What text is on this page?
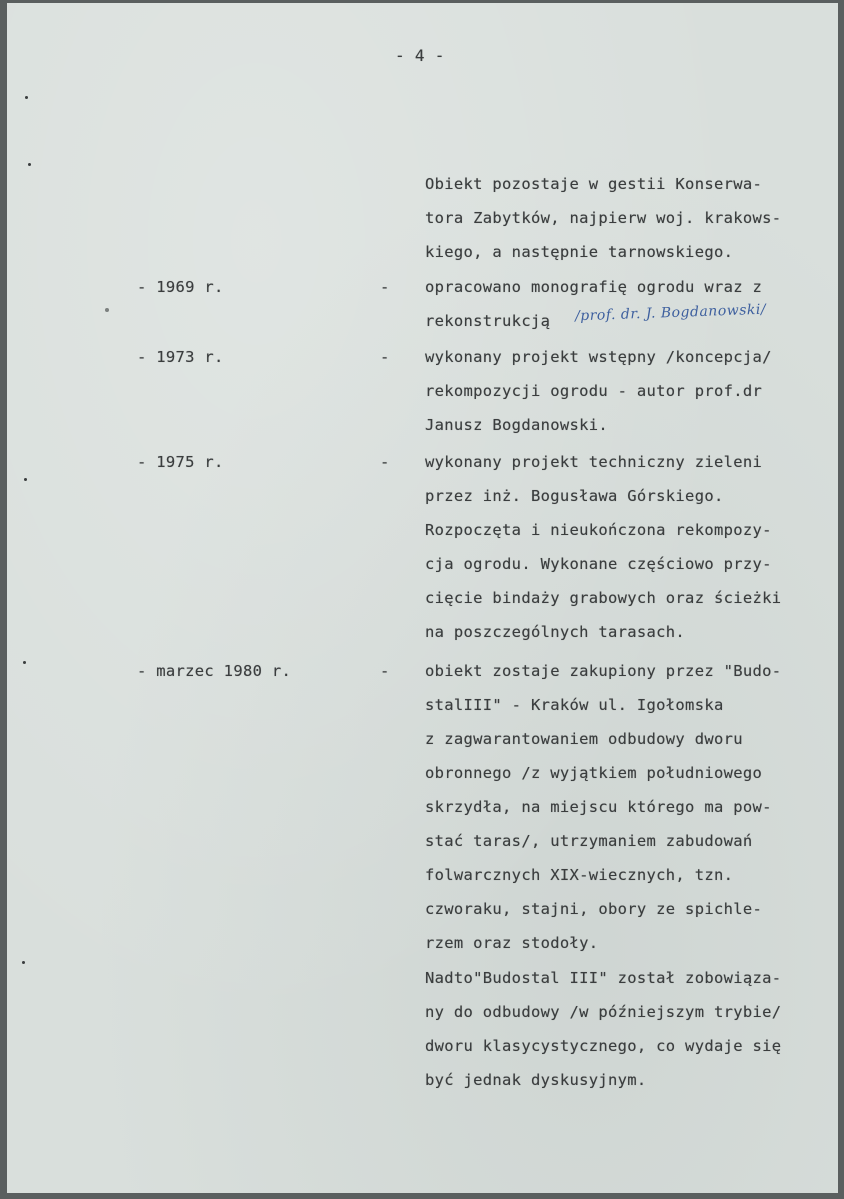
- 4 -
Obiekt pozostaje w gestii Konserwa-
tora Zabytków, najpierw woj. krakows-
kiego, a następnie tarnowskiego.
- 1969 r.	- opracowano monografię ogrodu wraz z
rekonstrukcją /prof. dr. J. Bogdanowski/
- 1973 r.	- wykonany projekt wstępny /koncepcja/
rekompozycji ogrodu - autor prof.dr
Janusz Bogdanowski.
- 1975 r.	- wykonany projekt techniczny zieleni
przez inż. Bogusława Górskiego.
Rozpoczęta i nieukończona rekompozy-
cja ogrodu. Wykonane częściowo przy-
cięcie bindaży grabowych oraz ścieżki
na poszczególnych tarasach.
- marzec 1980 r.	- obiekt zostaje zakupiony przez "Budo-
stalIII" - Kraków ul. Igołomska
z zagwarantowaniem odbudowy dworu
obronnego /z wyjątkiem południowego
skrzydła, na miejscu którego ma pow-
stać taras/, utrzymaniem zabudowań
folwarcznych XIX-wiecznych, tzn.
czworaku, stajni, obory ze spichle-
rzem oraz stodoły.
Nadto"Budostal III" został zobowiąza-
ny do odbudowy /w późniejszym trybie/
dworu klasycystycznego, co wydaje się
być jednak dyskusyjnym.
